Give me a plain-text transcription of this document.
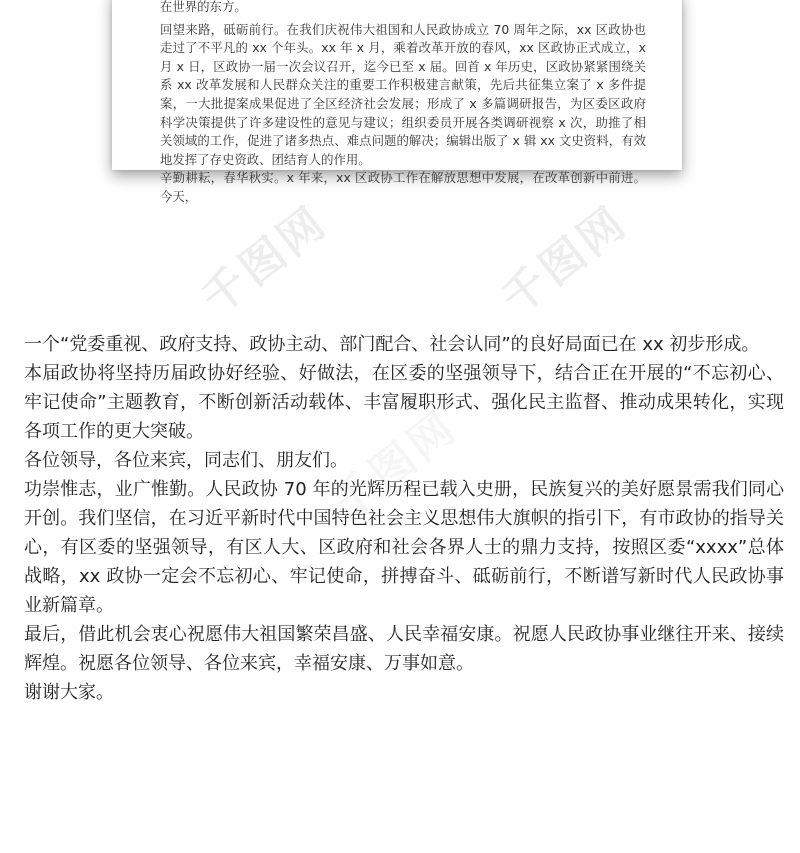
在世界的东方。

回望来路，砥砺前行。在我们庆祝伟大祖国和人民政协成立 70 周年之际，xx 区政协也走过了不平凡的 xx 个年头。xx 年 x 月，乘着改革开放的春风，xx 区政协正式成立，x 月 x 日，区政协一届一次会议召开，迄今已至 x 届。回首 x 年历史，区政协紧紧围绕关系 xx 改革发展和人民群众关注的重要工作积极建言献策，先后共征集立案了 x 多件提案，一大批提案成果促进了全区经济社会发展；形成了 x 多篇调研报告，为区委区政府科学决策提供了许多建设性的意见与建议；组织委员开展各类调研视察 x 次，助推了相关领域的工作，促进了诸多热点、难点问题的解决；编辑出版了 x 辑 xx 文史资料，有效地发挥了存史资政、团结育人的作用。

辛勤耕耘，春华秋实。x 年来，xx 区政协工作在解放思想中发展，在改革创新中前进。今天，

千图网	千图网
千图网

一个“党委重视、政府支持、政协主动、部门配合、社会认同”的良好局面已在 xx 初步形成。

本届政协将坚持历届政协好经验、好做法，在区委的坚强领导下，结合正在开展的“不忘初心、牢记使命”主题教育，不断创新活动载体、丰富履职形式、强化民主监督、推动成果转化，实现各项工作的更大突破。

各位领导，各位来宾，同志们、朋友们。

功崇惟志，业广惟勤。人民政协 70 年的光辉历程已载入史册，民族复兴的美好愿景需我们同心开创。我们坚信，在习近平新时代中国特色社会主义思想伟大旗帜的指引下，有市政协的指导关心，有区委的坚强领导，有区人大、区政府和社会各界人士的鼎力支持，按照区委“xxxx”总体战略，xx 政协一定会不忘初心、牢记使命，拼搏奋斗、砥砺前行，不断谱写新时代人民政协事业新篇章。

最后，借此机会衷心祝愿伟大祖国繁荣昌盛、人民幸福安康。祝愿人民政协事业继往开来、接续辉煌。祝愿各位领导、各位来宾，幸福安康、万事如意。

谢谢大家。
